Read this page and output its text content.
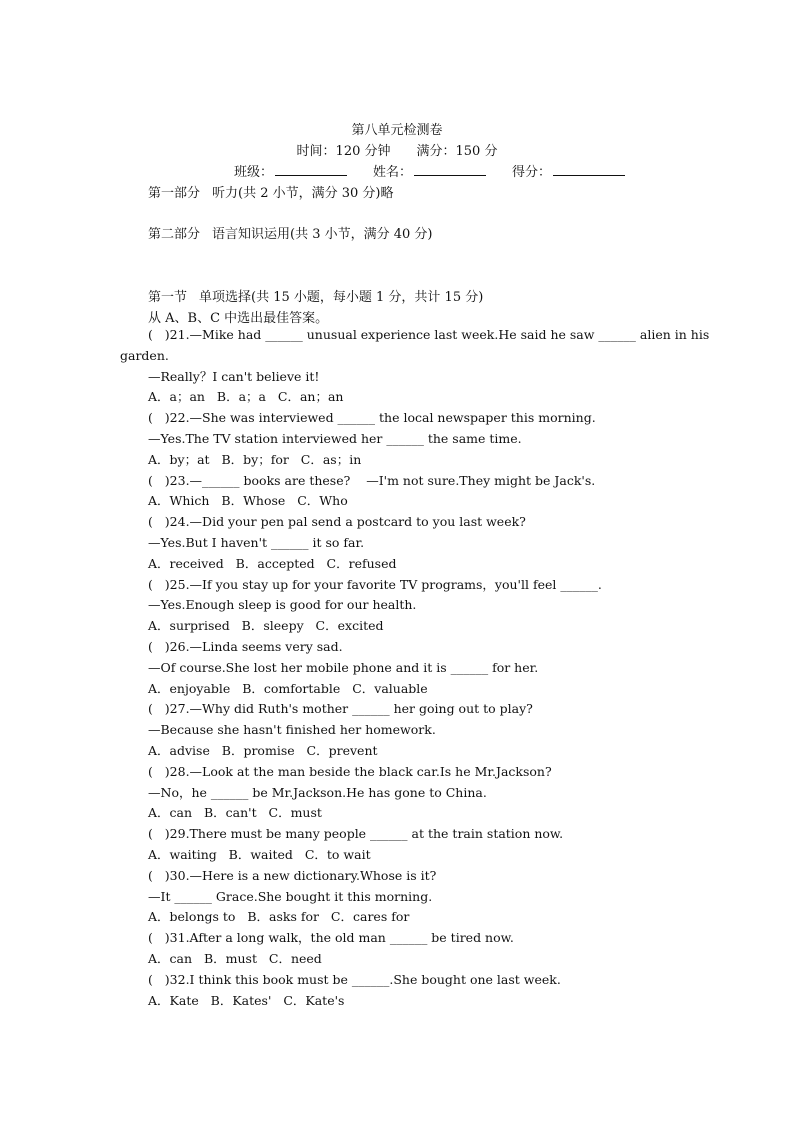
第八单元检测卷
时间：120 分钟 满分：150 分
班级：	姓名：	得分：
第一部分 听力(共 2 小节，满分 30 分)略
第二部分 语言知识运用(共 3 小节，满分 40 分)
第一节 单项选择(共 15 小题，每小题 1 分，共计 15 分)
从 A、B、C 中选出最佳答案。
(   )21.—Mike had ______ unusual experience last week.He said he saw ______ alien in his
garden.
—Really？I can't believe it!
A．a；an   B．a；a   C．an；an
(   )22.—She was interviewed ______ the local newspaper this morning.
—Yes.The TV station interviewed her ______ the same time.
A．by；at   B．by；for   C．as；in
(   )23.—______ books are these?    —I'm not sure.They might be Jack's.
A．Which   B．Whose   C．Who
(   )24.—Did your pen pal send a postcard to you last week?
—Yes.But I haven't ______ it so far.
A．received   B．accepted   C．refused
(   )25.—If you stay up for your favorite TV programs，you'll feel ______.
—Yes.Enough sleep is good for our health.
A．surprised   B．sleepy   C．excited
(   )26.—Linda seems very sad.
—Of course.She lost her mobile phone and it is ______ for her.
A．enjoyable   B．comfortable   C．valuable
(   )27.—Why did Ruth's mother ______ her going out to play?
—Because she hasn't finished her homework.
A．advise   B．promise   C．prevent
(   )28.—Look at the man beside the black car.Is he Mr.Jackson?
—No，he ______ be Mr.Jackson.He has gone to China.
A．can   B．can't   C．must
(   )29.There must be many people ______ at the train station now.
A．waiting   B．waited   C．to wait
(   )30.—Here is a new dictionary.Whose is it?
—It ______ Grace.She bought it this morning.
A．belongs to   B．asks for   C．cares for
(   )31.After a long walk，the old man ______ be tired now.
A．can   B．must   C．need
(   )32.I think this book must be ______.She bought one last week.
A．Kate   B．Kates'   C．Kate's
